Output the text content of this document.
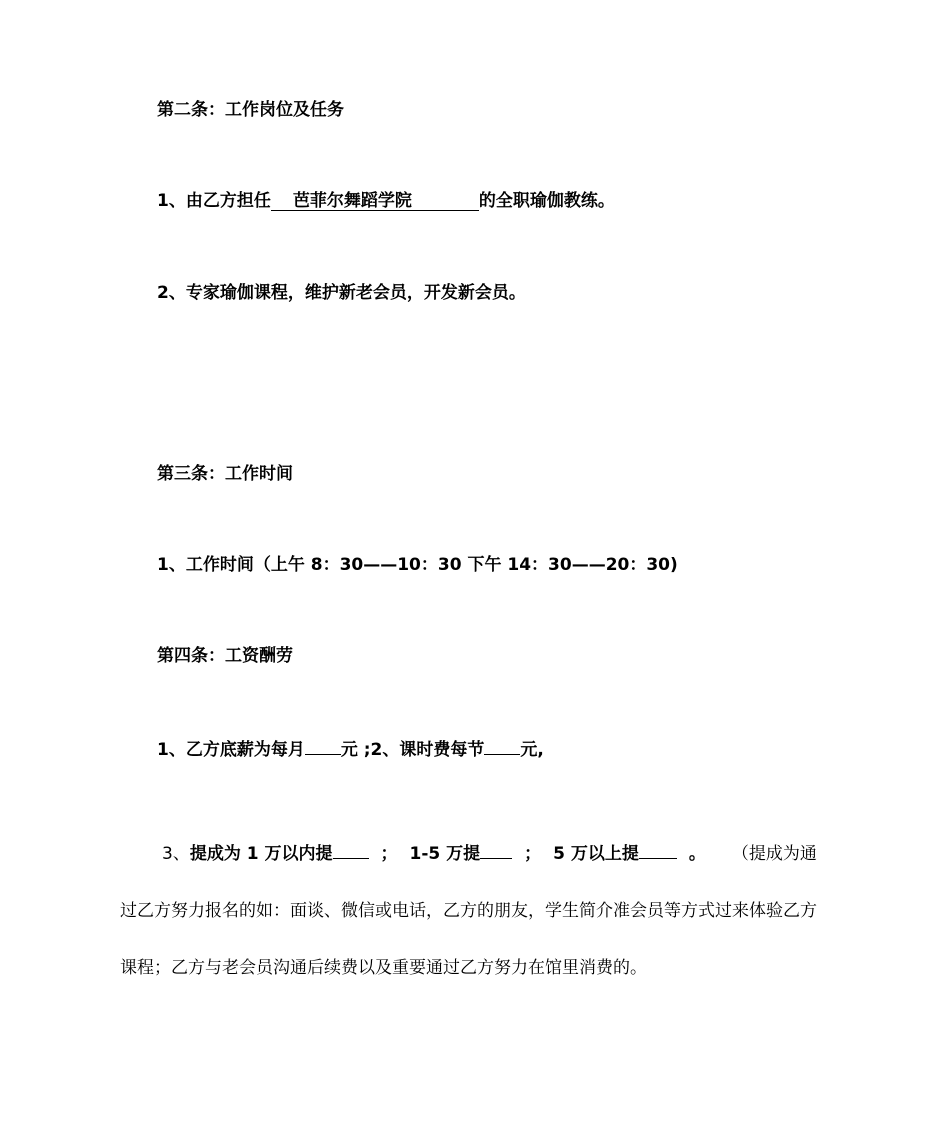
第二条：工作岗位及任务
1、由乙方担任 芭菲尔舞蹈学院	的全职瑜伽教练。
2、专家瑜伽课程，维护新老会员，开发新会员。
第三条：工作时间
1、工作时间（上午 8：30——10：30 下午 14：30——20：30)
第四条：工资酬劳
1、乙方底薪为每月 元 ;2、课时费每节 元,
3、提成为 1 万以内提	； 1-5 万提	； 5 万以上提	。 （提成为通过乙方努力报名的如：面谈、微信或电话，乙方的朋友，学生简介准会员等方式过来体验乙方课程；乙方与老会员沟通后续费以及重要通过乙方努力在馆里消费的。
